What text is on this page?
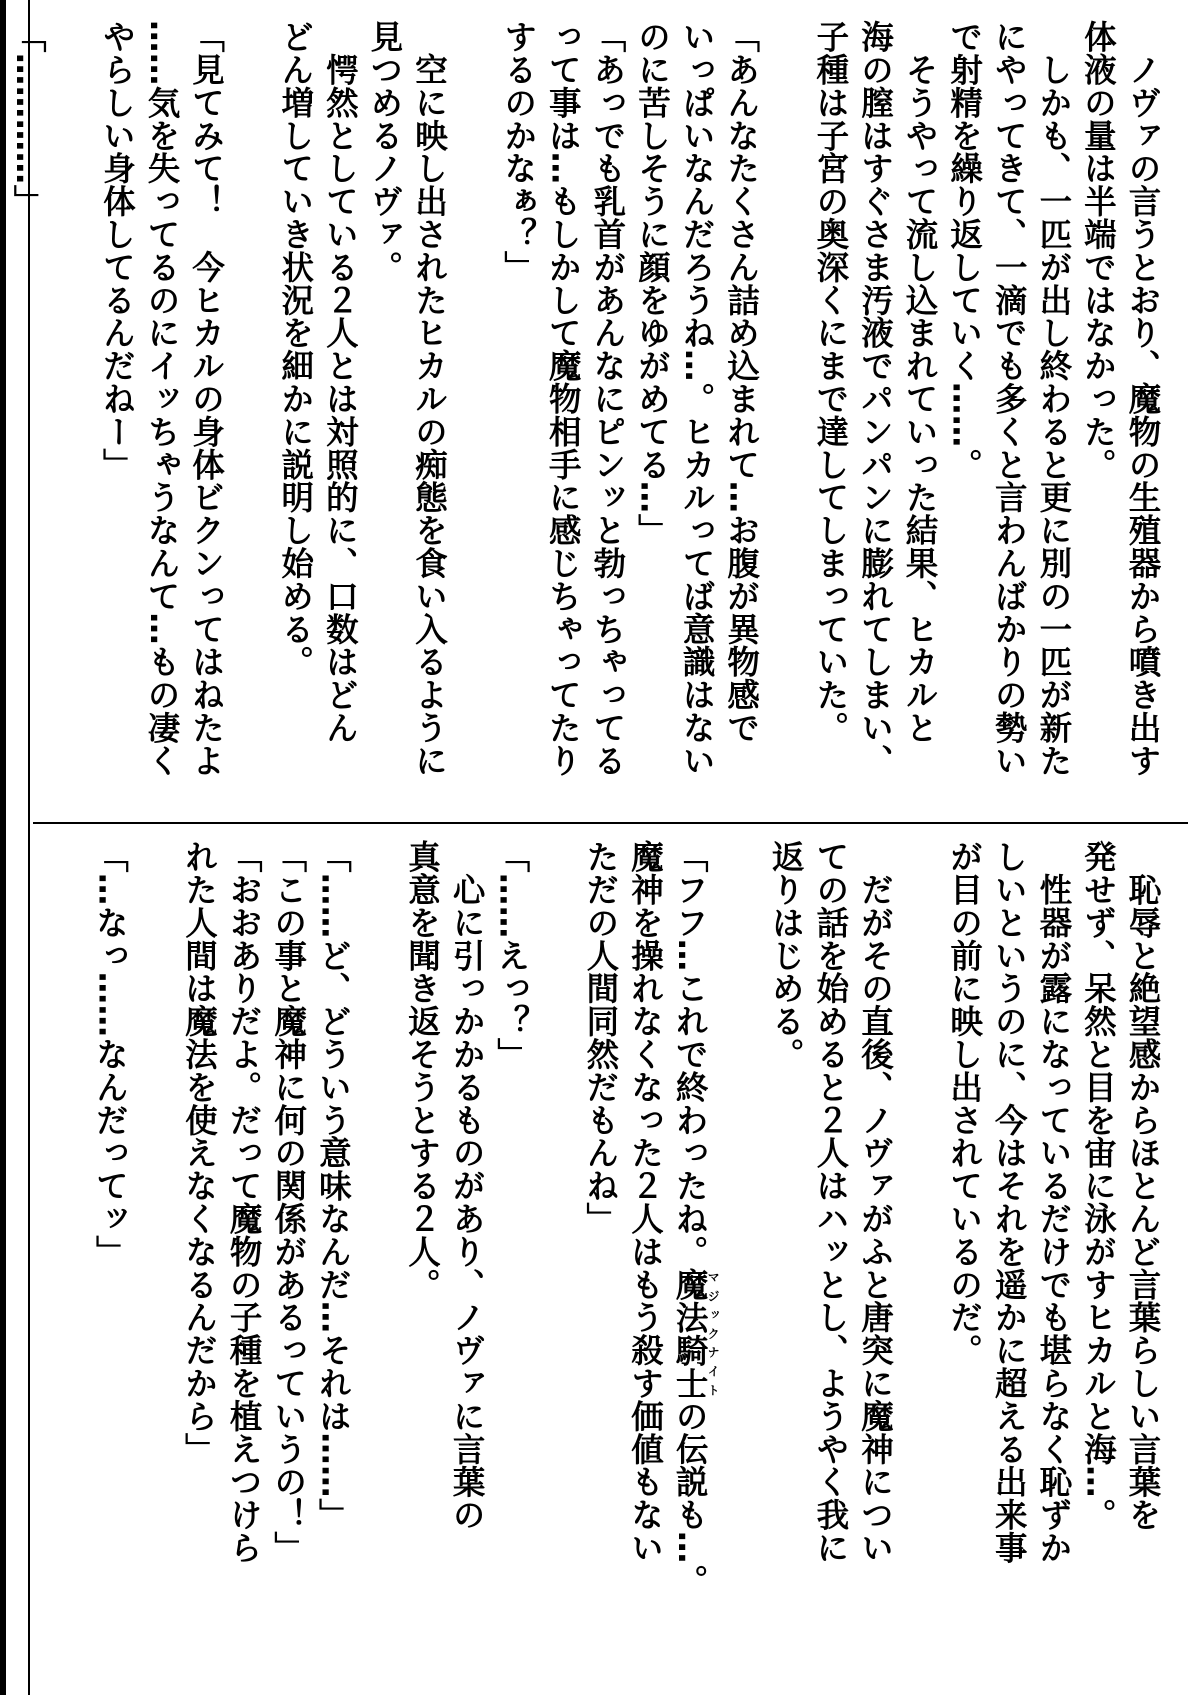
　ノヴァの言うとおり、魔物の生殖器から噴き出す
体液の量は半端ではなかった。
　しかも、一匹が出し終わると更に別の一匹が新た
にやってきて、一滴でも多くと言わんばかりの勢い
で射精を繰り返していく……。
　そうやって流し込まれていった結果、ヒカルと
海の膣はすぐさま汚液でパンパンに膨れてしまい、
子種は子宮の奥深くにまで達してしまっていた。
「あんなたくさん詰め込まれて…お腹が異物感で
いっぱいなんだろうね…。ヒカルってば意識はない
のに苦しそうに顔をゆがめてる…」
「あっでも乳首があんなにピンッと勃っちゃってる
って事は…もしかして魔物相手に感じちゃってたり
するのかなぁ？」
　空に映し出されたヒカルの痴態を食い入るように
見つめるノヴァ。
　愕然としている２人とは対照的に、口数はどん
どん増していき状況を細かに説明し始める。
「見てみて！　今ヒカルの身体ビクンってはねたよ
……気を失ってるのにイッちゃうなんて…もの凄く
やらしい身体してるんだねー」
「…………」
　恥辱と絶望感からほとんど言葉らしい言葉を
発せず、呆然と目を宙に泳がすヒカルと海…。
　性器が露になっているだけでも堪らなく恥ずか
しいというのに、今はそれを遥かに超える出来事
が目の前に映し出されているのだ。
　だがその直後、ノヴァがふと唐突に魔神につい
ての話を始めると２人はハッとし、ようやく我に
返りはじめる。
「フフ…これで終わったね。魔法騎士マジックナイトの伝説も…。
魔神を操れなくなった２人はもう殺す価値もない
ただの人間同然だもんね」
「……えっ？」
　心に引っかかるものがあり、ノヴァに言葉の
真意を聞き返そうとする２人。
「……ど、どういう意味なんだ…それは……」
「この事と魔神に何の関係があるっていうの！」
「おおありだよ。だって魔物の子種を植えつけら
れた人間は魔法を使えなくなるんだから」
「…なっ……なんだってッ」
